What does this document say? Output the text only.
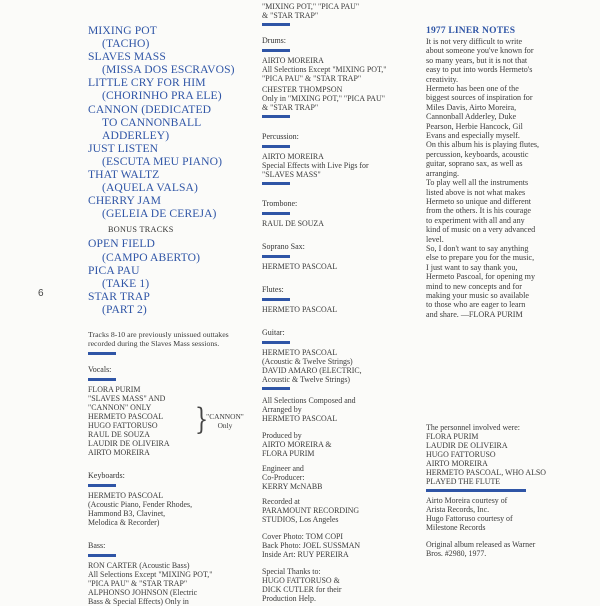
6
MIXING POT
(TACHO)
SLAVES MASS
(MISSA DOS ESCRAVOS)
LITTLE CRY FOR HIM
(CHORINHO PRA ELE)
CANNON (DEDICATED
TO CANNONBALL
ADDERLEY)
JUST LISTEN
(ESCUTA MEU PIANO)
THAT WALTZ
(AQUELA VALSA)
CHERRY JAM
(GELEIA DE CEREJA)
BONUS TRACKS
OPEN FIELD
(CAMPO ABERTO)
PICA PAU
(TAKE 1)
STAR TRAP
(PART 2)
Tracks 8-10 are previously unissued outtakes recorded during the Slaves Mass sessions.
Vocals:
FLORA PURIM
"SLAVES MASS" AND
"CANNON" ONLY
HERMETO PASCOAL
HUGO FATTORUSO
RAUL DE SOUZA
LAUDIR DE OLIVEIRA
AIRTO MOREIRA
}
"CANNON" Only
Keyboards:
HERMETO PASCOAL
(Acoustic Piano, Fender Rhodes,
Hammond B3, Clavinet,
Melodica & Recorder)
Bass:
RON CARTER (Acoustic Bass)
All Selections Except "MIXING POT,"
"PICA PAU" & "STAR TRAP"
ALPHONSO JOHNSON (Electric
Bass & Special Effects) Only in
"MIXING POT," "PICA PAU"
& "STAR TRAP"
Drums:
AIRTO MOREIRA
All Selections Except "MIXING POT,"
"PICA PAU" & "STAR TRAP"
CHESTER THOMPSON
Only in "MIXING POT," "PICA PAU"
& "STAR TRAP"
Percussion:
AIRTO MOREIRA
Special Effects with Live Pigs for
"SLAVES MASS"
Trombone:
RAUL DE SOUZA
Soprano Sax:
HERMETO PASCOAL
Flutes:
HERMETO PASCOAL
Guitar:
HERMETO PASCOAL
(Acoustic & Twelve Strings)
DAVID AMARO (ELECTRIC,
Acoustic & Twelve Strings)
All Selections Composed and
Arranged by
HERMETO PASCOAL
Produced by
AIRTO MOREIRA &
FLORA PURIM
Engineer and
Co-Producer:
KERRY McNABB
Recorded at
PARAMOUNT RECORDING
STUDIOS, Los Angeles
Cover Photo: TOM COPI
Back Photo: JOEL SUSSMAN
Inside Art: RUY PEREIRA
Special Thanks to:
HUGO FATTORUSO &
DICK CUTLER for their
Production Help.
1977 LINER NOTES
It is not very difficult to write
about someone you've known for
so many years, but it is not that
easy to put into words Hermeto's
creativity.
Hermeto has been one of the
biggest sources of inspiration for
Miles Davis, Airto Moreira,
Cannonball Adderley, Duke
Pearson, Herbie Hancock, Gil
Evans and especially myself.
On this album his is playing flutes,
percussion, keyboards, acoustic
guitar, soprano sax, as well as
arranging.
To play well all the instruments
listed above is not what makes
Hermeto so unique and different
from the others. It is his courage
to experiment with all and any
kind of music on a very advanced
level.
So, I don't want to say anything
else to prepare you for the music,
I just want to say thank you,
Hermeto Pascoal, for opening my
mind to new concepts and for
making your music so available
to those who are eager to learn
and share. —FLORA PURIM
The personnel involved were:
FLORA PURIM
LAUDIR DE OLIVEIRA
HUGO FATTORUSO
AIRTO MOREIRA
HERMETO PASCOAL, WHO ALSO
PLAYED THE FLUTE
Airto Moreira courtesy of
Arista Records, Inc.
Hugo Fattoruso courtesy of
Milestone Records
Original album released as Warner
Bros. #2980, 1977.
